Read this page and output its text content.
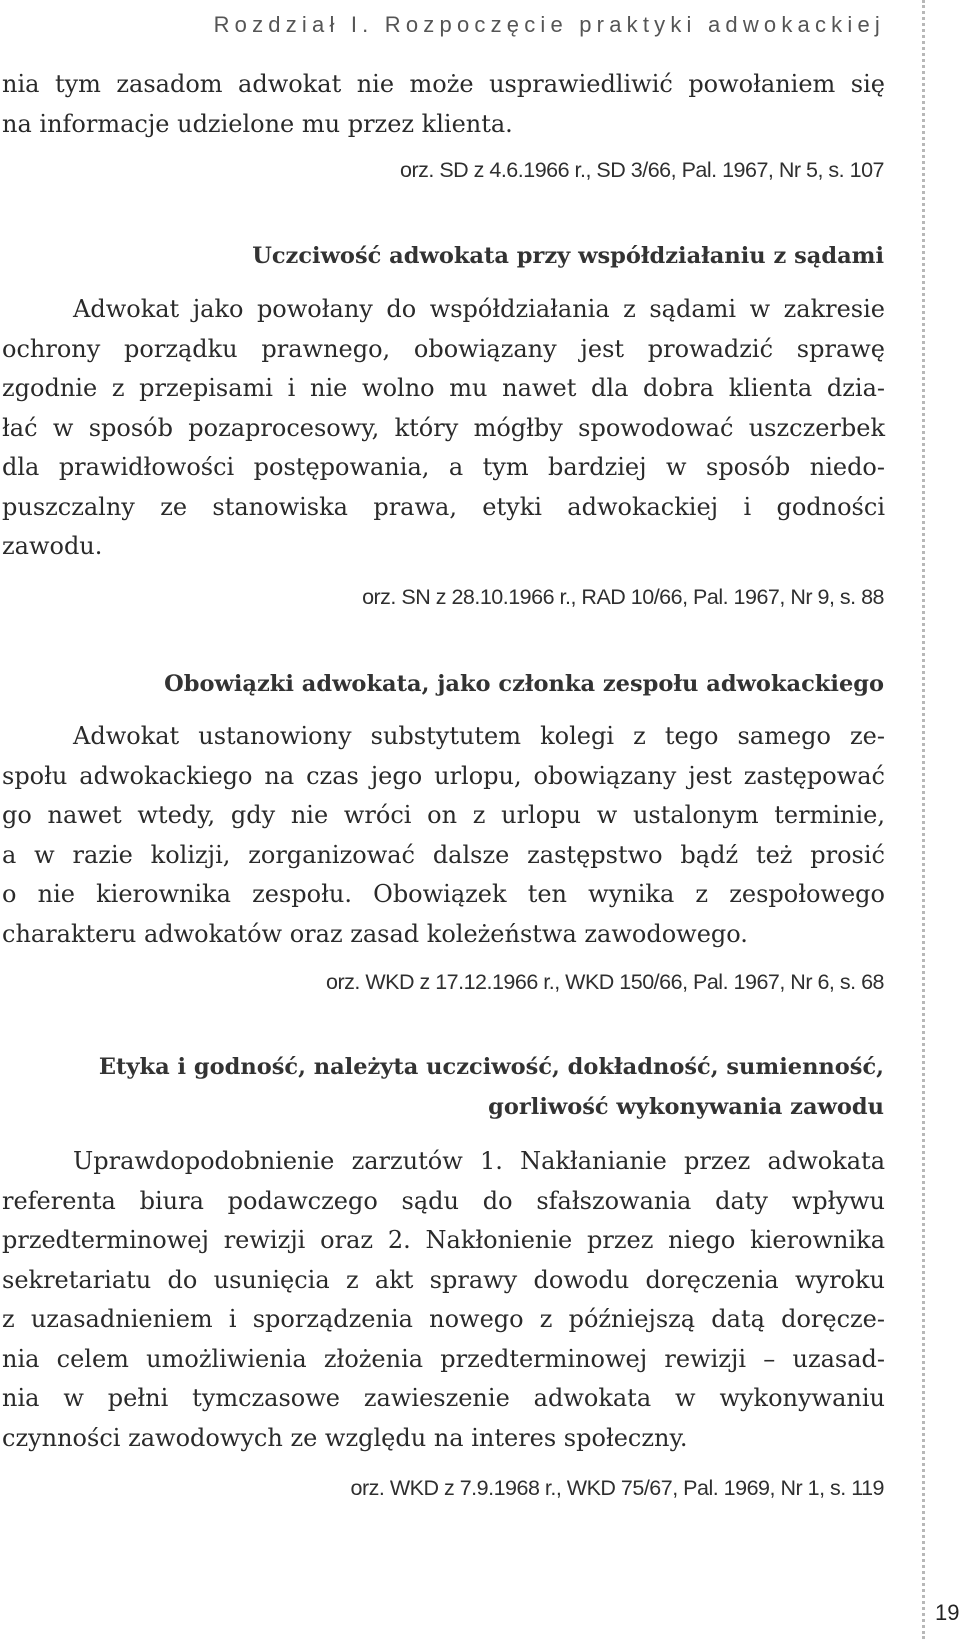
Rozdział I. Rozpoczęcie praktyki adwokackiej
19
nia tym zasadom adwokat nie może usprawiedliwić powołaniem się
na informacje udzielone mu przez klienta.
orz. SD z 4.6.1966 r., SD 3/66, Pal. 1967, Nr 5, s. 107
Uczciwość adwokata przy współdziałaniu z sądami
Adwokat jako powołany do współdziałania z sądami w zakresie
ochrony porządku prawnego, obowiązany jest prowadzić sprawę
zgodnie z przepisami i nie wolno mu nawet dla dobra klienta dzia-
łać w sposób pozaprocesowy, który mógłby spowodować uszczerbek
dla prawidłowości postępowania, a tym bardziej w sposób niedo-
puszczalny ze stanowiska prawa, etyki adwokackiej i godności
zawodu.
orz. SN z 28.10.1966 r., RAD 10/66, Pal. 1967, Nr 9, s. 88
Obowiązki adwokata, jako członka zespołu adwokackiego
Adwokat ustanowiony substytutem kolegi z tego samego ze-
społu adwokackiego na czas jego urlopu, obowiązany jest zastępować
go nawet wtedy, gdy nie wróci on z urlopu w ustalonym terminie,
a w razie kolizji, zorganizować dalsze zastępstwo bądź też prosić
o nie kierownika zespołu. Obowiązek ten wynika z zespołowego
charakteru adwokatów oraz zasad koleżeństwa zawodowego.
orz. WKD z 17.12.1966 r., WKD 150/66, Pal. 1967, Nr 6, s. 68
Etyka i godność, należyta uczciwość, dokładność, sumienność,
gorliwość wykonywania zawodu
Uprawdopodobnienie zarzutów 1. Nakłanianie przez adwokata
referenta biura podawczego sądu do sfałszowania daty wpływu
przedterminowej rewizji oraz 2. Nakłonienie przez niego kierownika
sekretariatu do usunięcia z akt sprawy dowodu doręczenia wyroku
z uzasadnieniem i sporządzenia nowego z późniejszą datą doręcze-
nia celem umożliwienia złożenia przedterminowej rewizji – uzasad-
nia w pełni tymczasowe zawieszenie adwokata w wykonywaniu
czynności zawodowych ze względu na interes społeczny.
orz. WKD z 7.9.1968 r., WKD 75/67, Pal. 1969, Nr 1, s. 119
